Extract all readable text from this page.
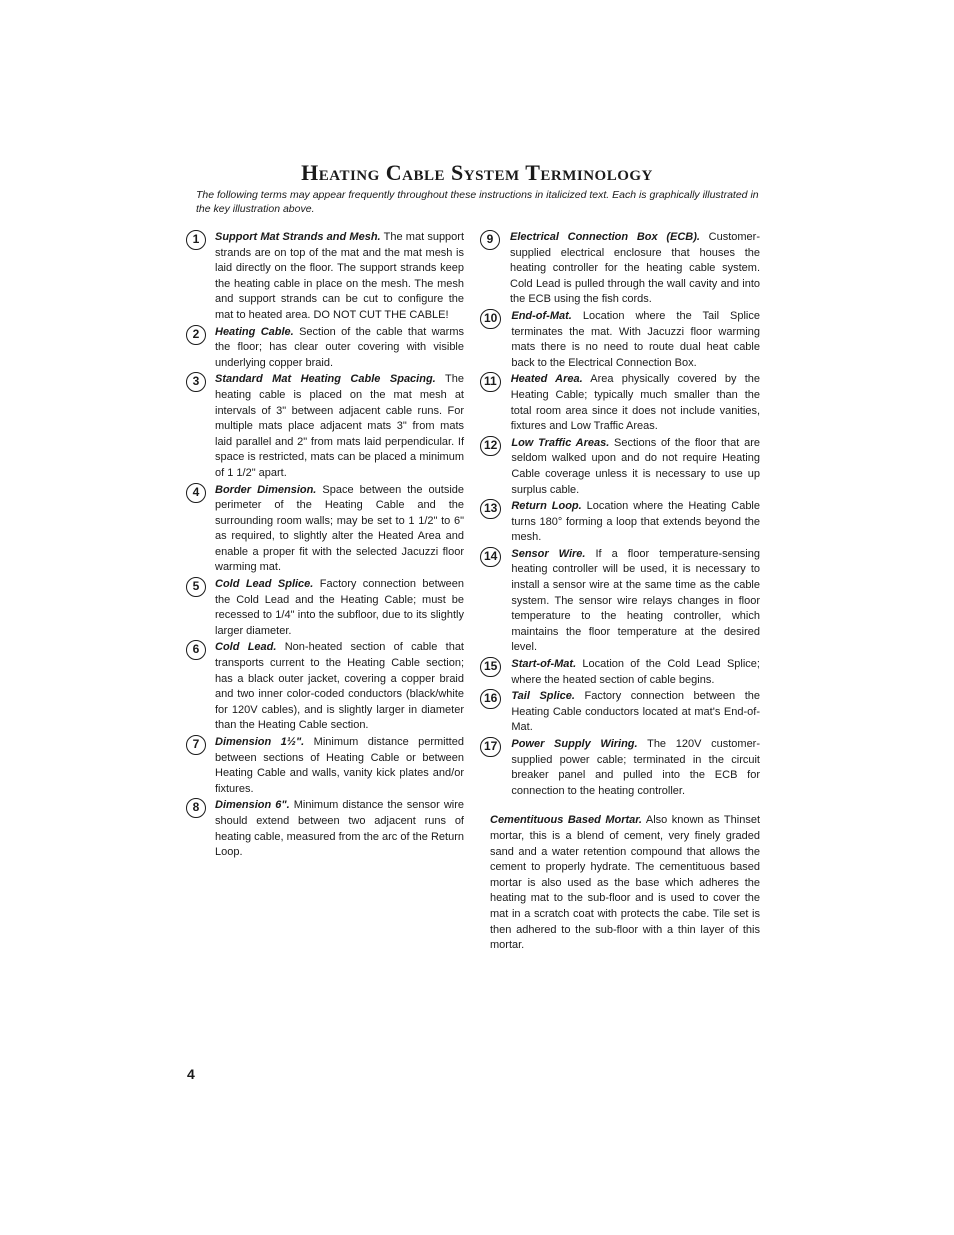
Heating Cable System Terminology

The following terms may appear frequently throughout these instructions in italicized text. Each is graphically illustrated in the key illustration above.

1	Support Mat Strands and Mesh. The mat support strands are on top of the mat and the mat mesh is laid directly on the floor. The support strands keep the heating cable in place on the mesh. The mesh and support strands can be cut to configure the mat to heated area. DO NOT CUT THE CABLE!
2	Heating Cable. Section of the cable that warms the floor; has clear outer covering with visible underlying copper braid.
3	Standard Mat Heating Cable Spacing. The heating cable is placed on the mat mesh at intervals of 3" between adjacent cable runs. For multiple mats place adjacent mats 3" from mats laid parallel and 2" from mats laid perpendicular. If space is restricted, mats can be placed a minimum of 1 1/2" apart.
4	Border Dimension. Space between the outside perimeter of the Heating Cable and the surrounding room walls; may be set to 1 1/2" to 6" as required, to slightly alter the Heated Area and enable a proper fit with the selected Jacuzzi floor warming mat.
5	Cold Lead Splice. Factory connection between the Cold Lead and the Heating Cable; must be recessed to 1/4" into the subfloor, due to its slightly larger diameter.
6	Cold Lead. Non-heated section of cable that transports current to the Heating Cable section; has a black outer jacket, covering a copper braid and two inner color-coded conductors (black/white for 120V cables), and is slightly larger in diameter than the Heating Cable section.
7	Dimension 1½". Minimum distance permitted between sections of Heating Cable or between Heating Cable and walls, vanity kick plates and/or fixtures.
8	Dimension 6". Minimum distance the sensor wire should extend between two adjacent runs of heating cable, measured from the arc of the Return Loop.
9	Electrical Connection Box (ECB). Customer-supplied electrical enclosure that houses the heating controller for the heating cable system. Cold Lead is pulled through the wall cavity and into the ECB using the fish cords.
10	End-of-Mat. Location where the Tail Splice terminates the mat. With Jacuzzi floor warming mats there is no need to route dual heat cable back to the Electrical Connection Box.
11	Heated Area. Area physically covered by the Heating Cable; typically much smaller than the total room area since it does not include vanities, fixtures and Low Traffic Areas.
12	Low Traffic Areas. Sections of the floor that are seldom walked upon and do not require Heating Cable coverage unless it is necessary to use up surplus cable.
13	Return Loop. Location where the Heating Cable turns 180° forming a loop that extends beyond the mesh.
14	Sensor Wire. If a floor temperature-sensing heating controller will be used, it is necessary to install a sensor wire at the same time as the cable system. The sensor wire relays changes in floor temperature to the heating controller, which maintains the floor temperature at the desired level.
15	Start-of-Mat. Location of the Cold Lead Splice; where the heated section of cable begins.
16	Tail Splice. Factory connection between the Heating Cable conductors located at mat's End-of-Mat.
17	Power Supply Wiring. The 120V customer-supplied power cable; terminated in the circuit breaker panel and pulled into the ECB for connection to the heating controller.
Cementituous Based Mortar. Also known as Thinset mortar, this is a blend of cement, very finely graded sand and a water retention compound that allows the cement to properly hydrate. The cementituous based mortar is also used as the base which adheres the heating mat to the sub-floor and is used to cover the mat in a scratch coat with protects the cabe. Tile set is then adhered to the sub-floor with a thin layer of this mortar.
4
